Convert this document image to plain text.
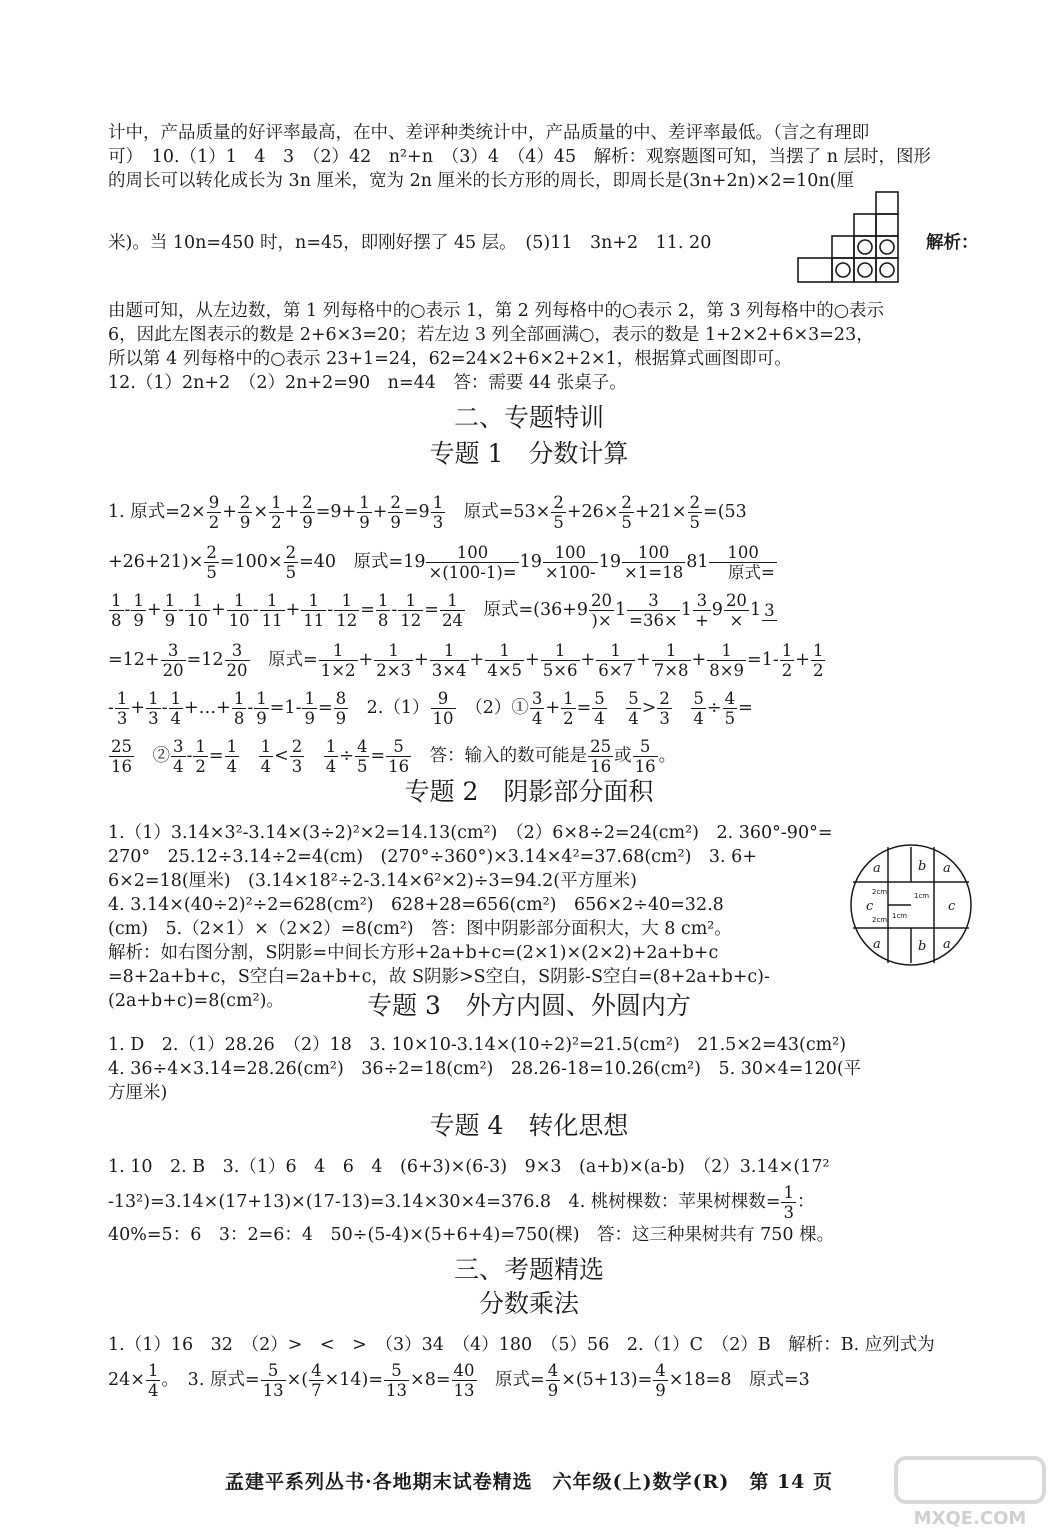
计中，产品质量的好评率最高，在中、差评种类统计中，产品质量的中、差评率最低。（言之有理即
可）　10.（1）1　4　3　（2）42　n²+n　（3）4　（4）45　解析：观察题图可知，当摆了 n 层时，图形
的周长可以转化成长为 3n 厘米，宽为 2n 厘米的长方形的周长，即周长是(3n+2n)×2=10n(厘
米)。当 10n=450 时，n=45，即刚好摆了 45 层。　(5)11　3n+2　11. 20	解析：
由题可知，从左边数，第 1 列每格中的○表示 1，第 2 列每格中的○表示 2，第 3 列每格中的○表示
6，因此左图表示的数是 2+6×3=20；若左边 3 列全部画满○，表示的数是 1+2×2+6×3=23，
所以第 4 列每格中的○表示 23+1=24，62=24×2+6×2+2×1，根据算式画图即可。
12.（1）2n+2　（2）2n+2=90　n=44　答：需要 44 张桌子。
二、专题特训
专题 1　分数计算
1. 原式$=2\times \frac{9}{2} + \frac{2}{9} \times \frac{1}{2} + \frac{2}{9} =9+ \frac{1}{9} + \frac{2}{9} =9 \frac{1}{3}$ 　原式$=53\times \frac{2}{5} +26\times \frac{2}{5} +21\times \frac{2}{5} =(53$
$+26+21)\times \frac{2}{5} =100\times \frac{2}{5} =40$　原式$=19 \frac{100}{\times(100-1)=} 19 \frac{100}{\times 100-} 19 \frac{100}{\times 1=18} 81 \frac{100}{\text{原式=}}$
$\frac{1}{8} - \frac{1}{9} + \frac{1}{9} - \frac{1}{10} + \frac{1}{10} - \frac{1}{11} + \frac{1}{11} - \frac{1}{12} = \frac{1}{8} - \frac{1}{12} = \frac{1}{24}$ 　原式$=(36+9 \frac{20}{)\times} 1 \frac{3}{=36\times} 1 \frac{3}{+} 9 \frac{20}{\times} 1$ 3
$=12+ \frac{3}{20} =12 \frac{3}{20}$ 　原式= $\frac{1}{1\times 2} + \frac{1}{2\times 3} + \frac{1}{3\times 4} + \frac{1}{4\times 5} + \frac{1}{5\times 6} + \frac{1}{6\times 7} + \frac{1}{7\times 8} + \frac{1}{8\times 9} =1- \frac{1}{2} + \frac{1}{2}$
- $\frac{1}{3} + \frac{1}{3} - \frac{1}{4}$ +…+ $\frac{1}{8} - \frac{1}{9} =1- \frac{1}{9} = \frac{8}{9}$ 　$2.(1) \frac{9}{10}$ 　（2）① $\frac{3}{4} + \frac{1}{2} = \frac{5}{4}$
　 $\frac{5}{4} > \frac{2}{3}$
　 $\frac{5}{4} \div \frac{4}{5}$ =
$\frac{25}{16}$ 　② $\frac{3}{4} - \frac{1}{2} = \frac{1}{4}$
　 $\frac{1}{4} < \frac{2}{3}$
　 $\frac{1}{4} \div \frac{4}{5} = \frac{5}{16}$ 　答：输入的数可能是 $\frac{25}{16}$ 或 $\frac{5}{16}$ 。
专题 2　阴影部分面积
1.（1）3.14×3²-3.14×(3÷2)²×2=14.13(cm²)　（2）6×8÷2=24(cm²)　2. 360°-90°=
270°　25.12÷3.14÷2=4(cm)　(270°÷360°)×3.14×4²=37.68(cm²)　3. 6+
6×2=18(厘米)　(3.14×18²÷2-3.14×6²×2)÷3=94.2(平方厘米)
4. 3.14×(40÷2)²÷2=628(cm²)　628+28=656(cm²)　656×2÷40=32.8
(cm)　5.（2×1）×（2×2）=8(cm²)　答：图中阴影部分面积大，大 8 cm²。
解析：如右图分割，S阴影=中间长方形+2a+b+c=(2×1)×(2×2)+2a+b+c
=8+2a+b+c，S空白=2a+b+c，故 S阴影>S空白，S阴影-S空白=(8+2a+b+c)-
(2a+b+c)=8(cm²)。
a	b a
c	c
a	b a
2cm
2cm
1cm
1cm
专题 3　外方内圆、外圆内方
1. D　2.（1）28.26　（2）18　3. 10×10-3.14×(10÷2)²=21.5(cm²)　21.5×2=43(cm²)
4. 36÷4×3.14=28.26(cm²)　36÷2=18(cm²)　28.26-18=10.26(cm²)　5. 30×4=120(平
方厘米)
专题 4　转化思想
1. 10　2. B　3.（1）6　4　6　4　(6+3)×(6-3)　9×3　(a+b)×(a-b)　（2）3.14×(17²
-13²)=3.14×(17+13)×(17-13)=3.14×30×4=376.8　4. 桃树棵数：苹果树棵数= $\frac{1}{3}$ ：
40%=5：6　3：2=6：4　50÷(5-4)×(5+6+4)=750(棵)　答：这三种果树共有 750 棵。
三、考题精选
分数乘法
1.（1）16　32　（2）>　<　>　（3）34　（4）180　（5）56　2.（1）C　（2）B　解析：B. 应列式为
$24\times \frac{1}{4}$ 。　3. 原式= $\frac{5}{13}$ ×( $\frac{4}{7} \times 14)= \frac{5}{13} \times 8= \frac{40}{13}$ 　原式= $\frac{4}{9} \times(5+13)= \frac{4}{9} \times 18=8$　原式=3
孟建平系列丛书·各地期末试卷精选　六年级(上)数学(R)　第 14 页
MXQE.COM
